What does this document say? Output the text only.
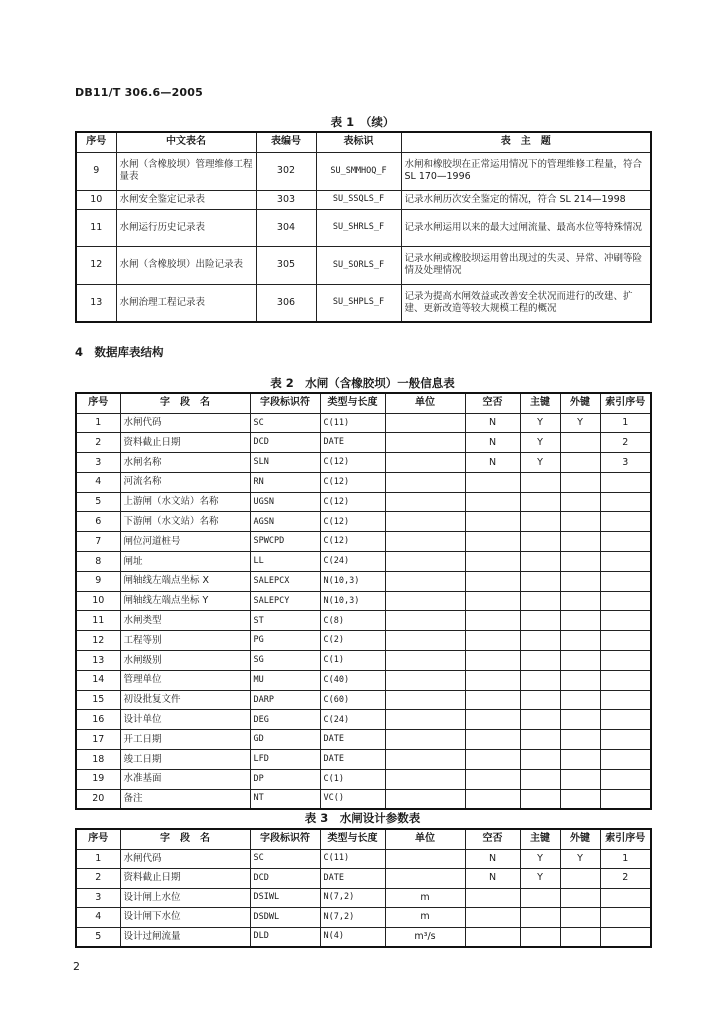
DB11/T 306.6—2005
表 1　（续）
序号	中文表名	表编号	表标识	表　主　题
9	水闸（含橡胶坝）管理维修工程量表	302	SU_SMMHOQ_F	水闸和橡胶坝在正常运用情况下的管理维修工程量，符合 SL 170—1996
10	水闸安全鉴定记录表	303	SU_SSQLS_F	记录水闸历次安全鉴定的情况，符合 SL 214—1998
11	水闸运行历史记录表	304	SU_SHRLS_F	记录水闸运用以来的最大过闸流量、最高水位等特殊情况
12	水闸（含橡胶坝）出险记录表	305	SU_SORLS_F	记录水闸或橡胶坝运用曾出现过的失灵、异常、冲刷等险情及处理情况
13	水闸治理工程记录表	306	SU_SHPLS_F	记录为提高水闸效益或改善安全状况而进行的改建、扩建、更新改造等较大规模工程的概况
4　数据库表结构
表 2　水闸（含橡胶坝）一般信息表
序号	字　段　名	字段标识符	类型与长度	单位	空否	主键	外键	索引序号
1	水闸代码	SC	C(11)		N	Y	Y	1
2	资料截止日期	DCD	DATE		N	Y		2
3	水闸名称	SLN	C(12)		N	Y		3
4	河流名称	RN	C(12)					
5	上游闸（水文站）名称	UGSN	C(12)					
6	下游闸（水文站）名称	AGSN	C(12)					
7	闸位河道桩号	SPWCPD	C(12)					
8	闸址	LL	C(24)					
9	闸轴线左端点坐标 X	SALEPCX	N(10,3)					
10	闸轴线左端点坐标 Y	SALEPCY	N(10,3)					
11	水闸类型	ST	C(8)					
12	工程等别	PG	C(2)					
13	水闸级别	SG	C(1)					
14	管理单位	MU	C(40)					
15	初设批复文件	DARP	C(60)					
16	设计单位	DEG	C(24)					
17	开工日期	GD	DATE					
18	竣工日期	LFD	DATE					
19	水准基面	DP	C(1)					
20	备注	NT	VC()					
表 3　水闸设计参数表
序号	字　段　名	字段标识符	类型与长度	单位	空否	主键	外键	索引序号
1	水闸代码	SC	C(11)		N	Y	Y	1
2	资料截止日期	DCD	DATE		N	Y		2
3	设计闸上水位	DSIWL	N(7,2)	m				
4	设计闸下水位	DSDWL	N(7,2)	m				
5	设计过闸流量	DLD	N(4)	m³/s				
2
